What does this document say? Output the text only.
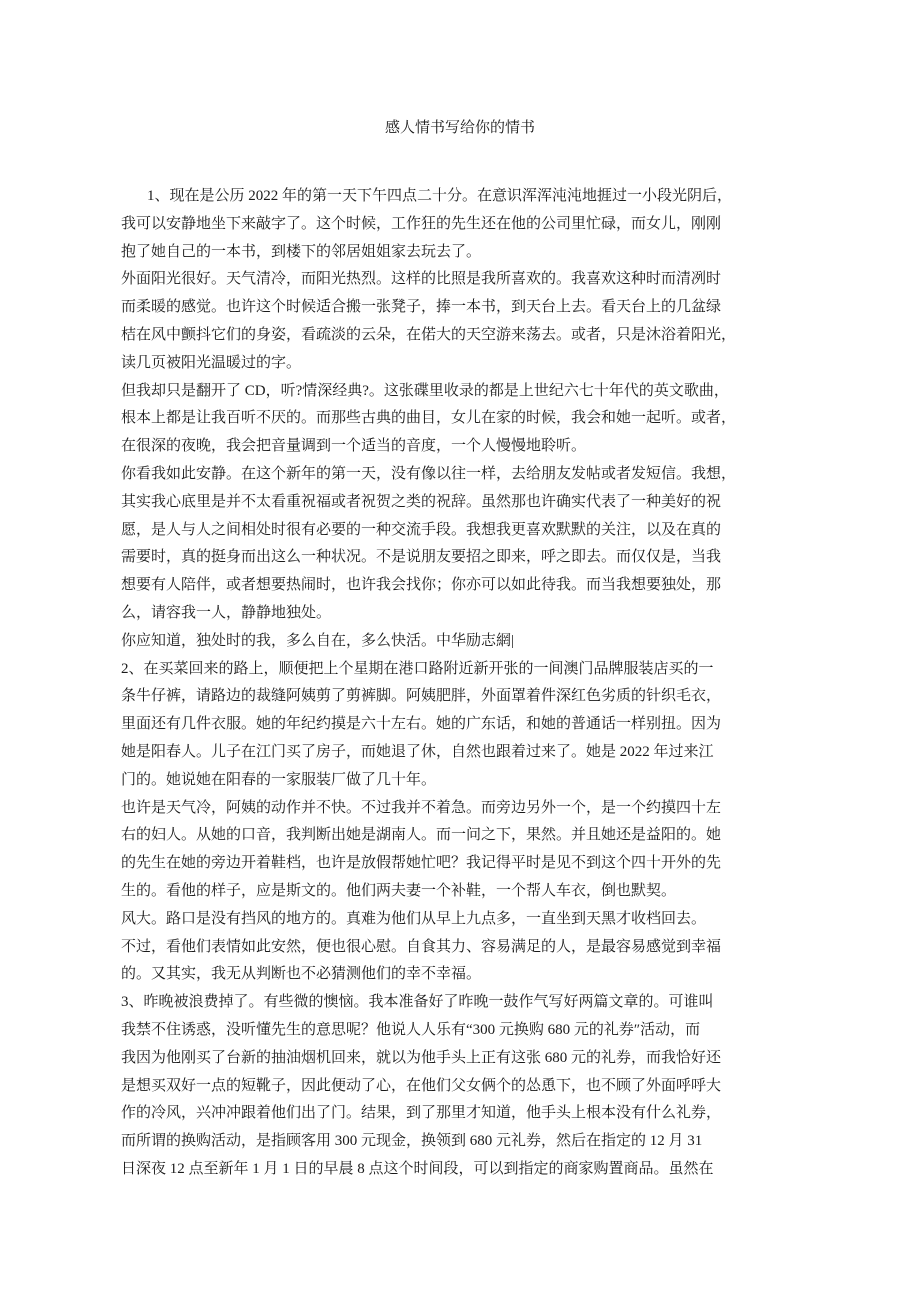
感人情书写给你的情书
1、现在是公历 2022 年的第一天下午四点二十分。在意识浑浑沌沌地捱过一小段光阴后，
我可以安静地坐下来敲字了。这个时候，工作狂的先生还在他的公司里忙碌，而女儿，刚刚
抱了她自己的一本书，到楼下的邻居姐姐家去玩去了。
外面阳光很好。天气清冷，而阳光热烈。这样的比照是我所喜欢的。我喜欢这种时而清冽时
而柔暖的感觉。也许这个时候适合搬一张凳子，捧一本书，到天台上去。看天台上的几盆绿
桔在风中颤抖它们的身姿，看疏淡的云朵，在偌大的天空游来荡去。或者，只是沐浴着阳光，
读几页被阳光温暖过的字。
但我却只是翻开了 CD，听?情深经典?。这张碟里收录的都是上世纪六七十年代的英文歌曲，
根本上都是让我百听不厌的。而那些古典的曲目，女儿在家的时候，我会和她一起听。或者，
在很深的夜晚，我会把音量调到一个适当的音度，一个人慢慢地聆听。
你看我如此安静。在这个新年的第一天，没有像以往一样，去给朋友发帖或者发短信。我想，
其实我心底里是并不太看重祝福或者祝贺之类的祝辞。虽然那也许确实代表了一种美好的祝
愿，是人与人之间相处时很有必要的一种交流手段。我想我更喜欢默默的关注，以及在真的
需要时，真的挺身而出这么一种状况。不是说朋友要招之即来，呼之即去。而仅仅是，当我
想要有人陪伴，或者想要热闹时，也许我会找你；你亦可以如此待我。而当我想要独处，那
么，请容我一人，静静地独处。
你应知道，独处时的我，多么自在，多么快活。中华励志網|
2、在买菜回来的路上，顺便把上个星期在港口路附近新开张的一间澳门品牌服装店买的一
条牛仔裤，请路边的裁缝阿姨剪了剪裤脚。阿姨肥胖，外面罩着件深红色劣质的针织毛衣，
里面还有几件衣服。她的年纪约摸是六十左右。她的广东话，和她的普通话一样别扭。因为
她是阳春人。儿子在江门买了房子，而她退了休，自然也跟着过来了。她是 2022 年过来江
门的。她说她在阳春的一家服装厂做了几十年。
也许是天气冷，阿姨的动作并不快。不过我并不着急。而旁边另外一个，是一个约摸四十左
右的妇人。从她的口音，我判断出她是湖南人。而一问之下，果然。并且她还是益阳的。她
的先生在她的旁边开着鞋档，也许是放假帮她忙吧？我记得平时是见不到这个四十开外的先
生的。看他的样子，应是斯文的。他们两夫妻一个补鞋，一个帮人车衣，倒也默契。
风大。路口是没有挡风的地方的。真难为他们从早上九点多，一直坐到天黑才收档回去。
不过，看他们表情如此安然，便也很心慰。自食其力、容易满足的人，是最容易感觉到幸福
的。又其实，我无从判断也不必猜测他们的幸不幸福。
3、昨晚被浪费掉了。有些微的懊恼。我本准备好了昨晚一鼓作气写好两篇文章的。可谁叫
我禁不住诱惑，没听懂先生的意思呢？他说人人乐有“300 元换购 680 元的礼券″活动，而
我因为他刚买了台新的抽油烟机回来，就以为他手头上正有这张 680 元的礼券，而我恰好还
是想买双好一点的短靴子，因此便动了心，在他们父女俩个的怂恿下，也不顾了外面呼呼大
作的冷风，兴冲冲跟着他们出了门。结果，到了那里才知道，他手头上根本没有什么礼券，
而所谓的换购活动，是指顾客用 300 元现金，换领到 680 元礼券，然后在指定的 12 月 31
日深夜 12 点至新年 1 月 1 日的早晨 8 点这个时间段，可以到指定的商家购置商品。虽然在
